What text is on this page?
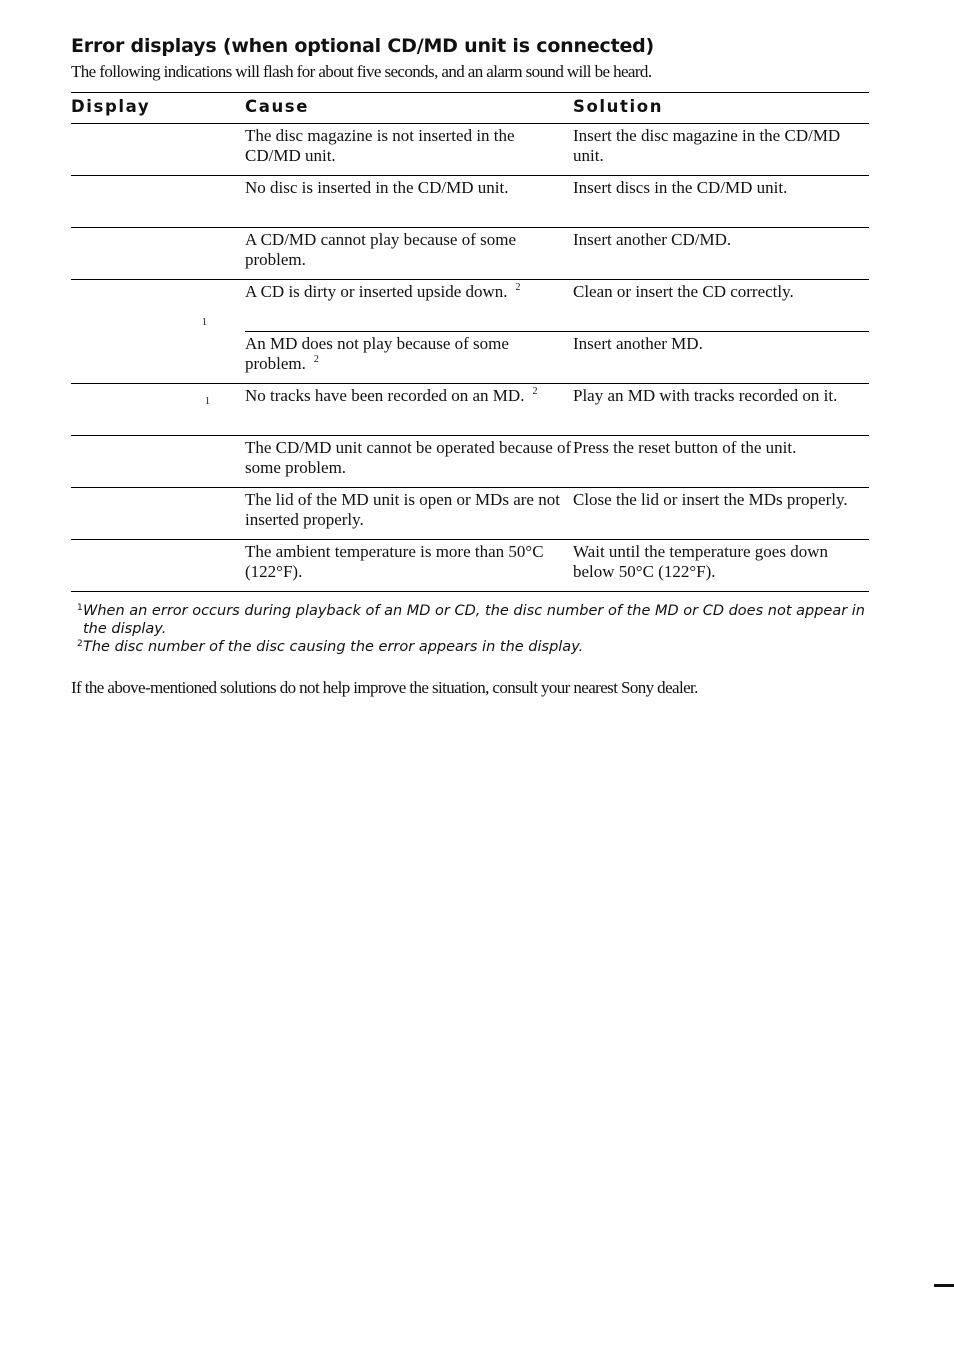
Error displays (when optional CD/MD unit is connected)

The following indications will flash for about five seconds, and an alarm sound will be heard.

Display	Cause	Solution
	The disc magazine is not inserted in the CD/MD unit.	Insert the disc magazine in the CD/MD unit.
	No disc is inserted in the CD/MD unit.	Insert discs in the CD/MD unit.
	A CD/MD cannot play because of some problem.	Insert another CD/MD.

1	A CD is dirty or inserted upside down. $^2$	Clean or insert the CD correctly.
	An MD does not play because of some problem. $^2$	Insert another MD.

1	No tracks have been recorded on an MD. $^2$	Play an MD with tracks recorded on it.
	The CD/MD unit cannot be operated because of some problem.	Press the reset button of the unit.
	The lid of the MD unit is open or MDs are not inserted properly.	Close the lid or insert the MDs properly.
	The ambient temperature is more than 50°C (122°F).	Wait until the temperature goes down below 50°C (122°F).
1 When an error occurs during playback of an MD or CD, the disc number of the MD or CD does not appear in the display.
2 The disc number of the disc causing the error appears in the display.

If the above-mentioned solutions do not help improve the situation, consult your nearest Sony dealer.
